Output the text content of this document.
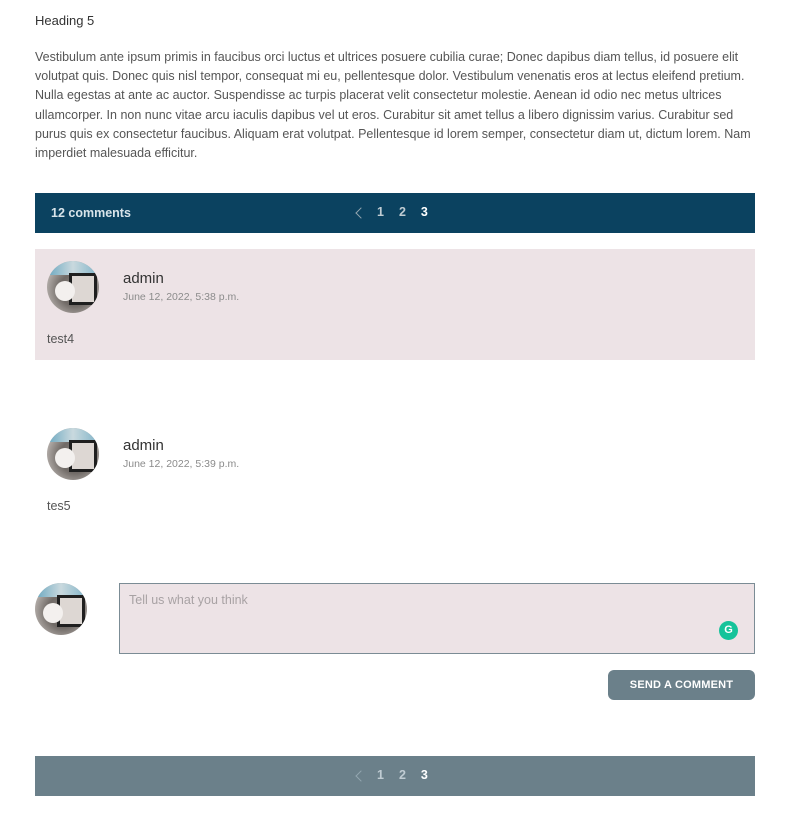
Heading 5
Vestibulum ante ipsum primis in faucibus orci luctus et ultrices posuere cubilia curae; Donec dapibus diam tellus, id posuere elit volutpat quis. Donec quis nisl tempor, consequat mi eu, pellentesque dolor. Vestibulum venenatis eros at lectus eleifend pretium. Nulla egestas at ante ac auctor. Suspendisse ac turpis placerat velit consectetur molestie. Aenean id odio nec metus ultrices ullamcorper. In non nunc vitae arcu iaculis dapibus vel ut eros. Curabitur sit amet tellus a libero dignissim varius. Curabitur sed purus quis ex consectetur faucibus. Aliquam erat volutpat. Pellentesque id lorem semper, consectetur diam ut, dictum lorem. Nam imperdiet malesuada efficitur.
12 comments	1 2 3
admin
June 12, 2022, 5:38 p.m.
test4
admin
June 12, 2022, 5:39 p.m.
tes5
Tell us what you think
G
SEND A COMMENT
1 2 3
